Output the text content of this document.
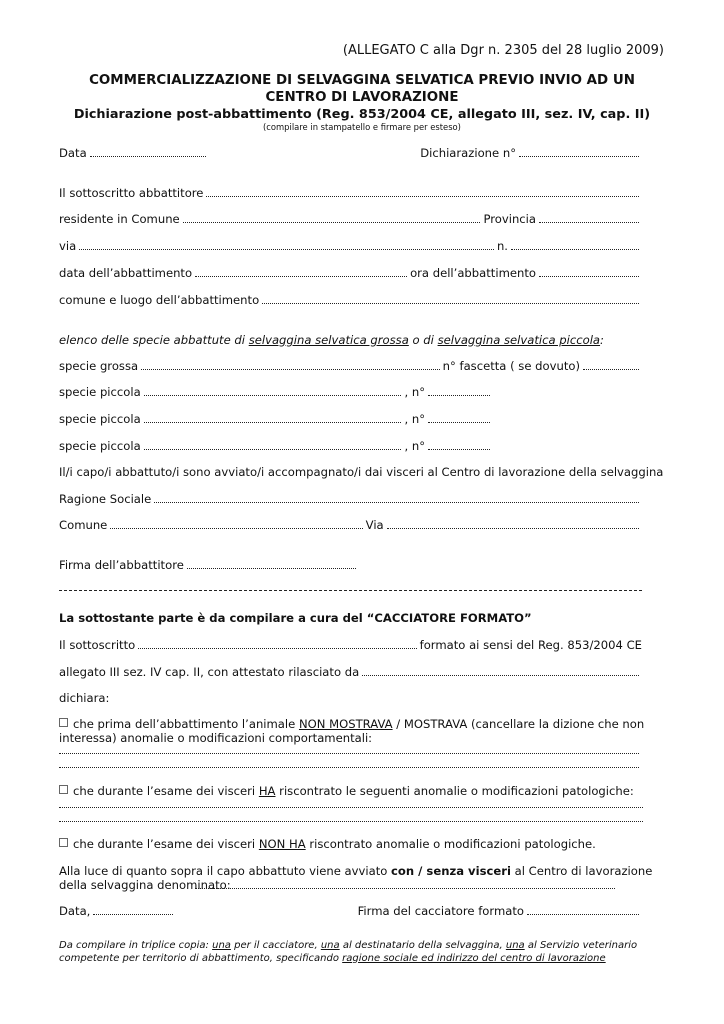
(ALLEGATO C alla Dgr n. 2305 del 28 luglio 2009)
COMMERCIALIZZAZIONE DI SELVAGGINA SELVATICA PREVIO INVIO AD UN
CENTRO DI LAVORAZIONE
Dichiarazione post-abbattimento (Reg. 853/2004 CE, allegato III, sez. IV, cap. II)
(compilare in stampatello e firmare per esteso)
Data	Dichiarazione n°
Il sottoscritto abbattitore
residente in Comune	Provincia
via	n.
data dell’abbattimento	ora dell’abbattimento
comune e luogo dell’abbattimento
elenco delle specie abbattute di selvaggina selvatica grossa o di selvaggina selvatica piccola :
specie grossa	n° fascetta ( se dovuto)
specie piccola	, n°
specie piccola	, n°
specie piccola	, n°
Il/i capo/i abbattuto/i sono avviato/i accompagnato/i dai visceri al Centro di lavorazione della selvaggina
Ragione Sociale
Comune	Via
Firma dell’abbattitore
La sottostante parte è da compilare a cura del “CACCIATORE FORMATO”
Il sottoscritto	formato ai sensi del Reg. 853/2004 CE
allegato III sez. IV cap. II, con attestato rilasciato da
dichiara:
che prima dell’abbattimento l’animale NON MOSTRAVA / MOSTRAVA (cancellare la dizione che non interessa) anomalie o modificazioni comportamentali:
che durante l’esame dei visceri HA riscontrato le seguenti anomalie o modificazioni patologiche:
che durante l’esame dei visceri NON HA riscontrato anomalie o modificazioni patologiche.
Alla luce di quanto sopra il capo abbattuto viene avviato con / senza visceri al Centro di lavorazione della selvaggina denominato:
Data,	Firma del cacciatore formato
Da compilare in triplice copia: una per il cacciatore, una al destinatario della selvaggina, una al Servizio veterinario competente per territorio di abbattimento, specificando ragione sociale ed indirizzo del centro di lavorazione
